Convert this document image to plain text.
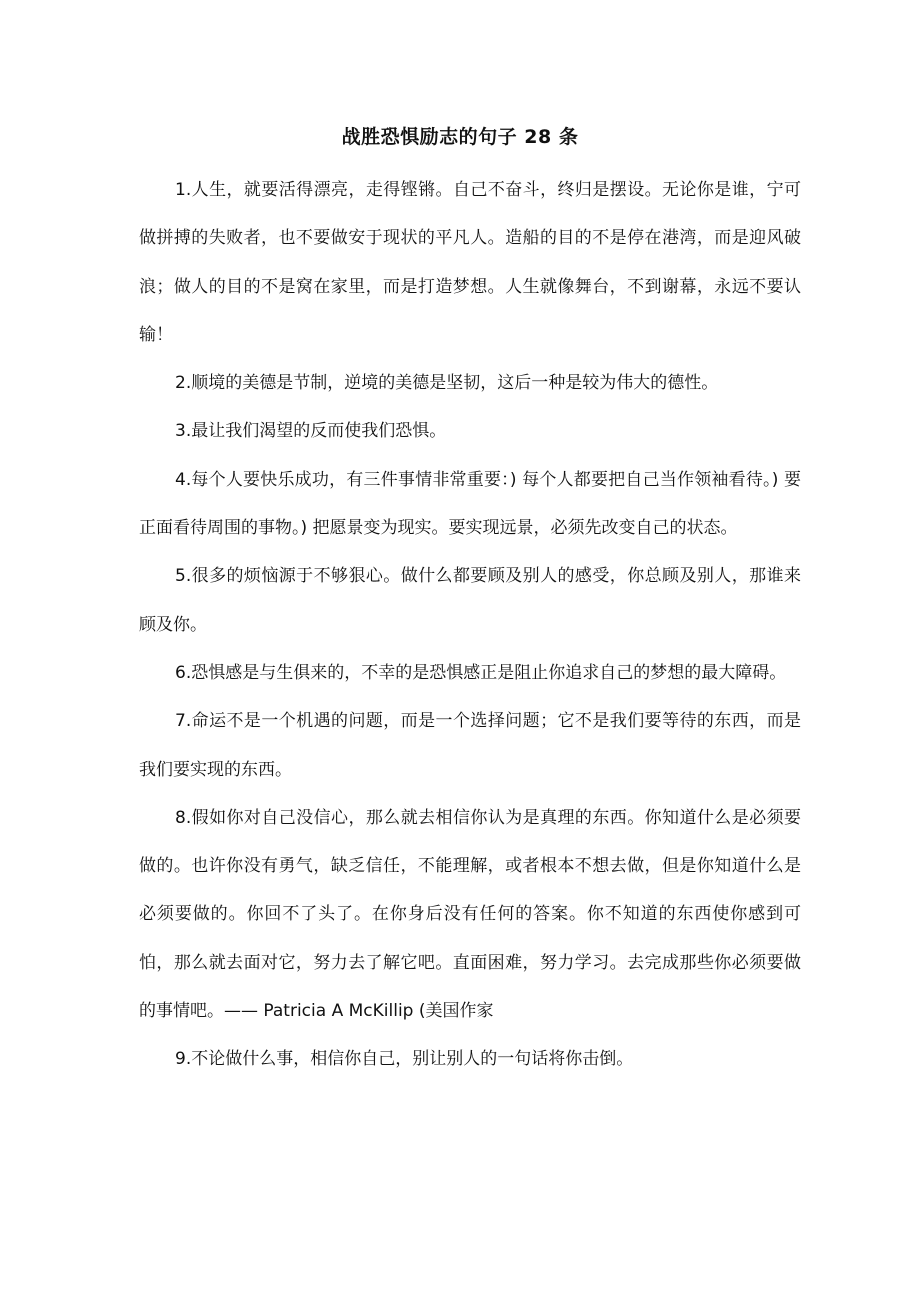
战胜恐惧励志的句子 28 条

1.人生，就要活得漂亮，走得铿锵。自己不奋斗，终归是摆设。无论你是谁，宁可做拼搏的失败者，也不要做安于现状的平凡人。造船的目的不是停在港湾，而是迎风破浪；做人的目的不是窝在家里，而是打造梦想。人生就像舞台，不到谢幕，永远不要认输！

2.顺境的美德是节制，逆境的美德是坚韧，这后一种是较为伟大的德性。

3.最让我们渴望的反而使我们恐惧。

4.每个人要快乐成功，有三件事情非常重要：) 每个人都要把自己当作领袖看待。) 要正面看待周围的事物。) 把愿景变为现实。要实现远景，必须先改变自己的状态。

5.很多的烦恼源于不够狠心。做什么都要顾及别人的感受，你总顾及别人，那谁来顾及你。

6.恐惧感是与生俱来的，不幸的是恐惧感正是阻止你追求自己的梦想的最大障碍。

7.命运不是一个机遇的问题，而是一个选择问题；它不是我们要等待的东西，而是我们要实现的东西。

8.假如你对自己没信心，那么就去相信你认为是真理的东西。你知道什么是必须要做的。也许你没有勇气，缺乏信任，不能理解，或者根本不想去做，但是你知道什么是必须要做的。你回不了头了。在你身后没有任何的答案。你不知道的东西使你感到可怕，那么就去面对它，努力去了解它吧。直面困难，努力学习。去完成那些你必须要做的事情吧。—— Patricia A McKillip (美国作家

9.不论做什么事，相信你自己，别让别人的一句话将你击倒。
